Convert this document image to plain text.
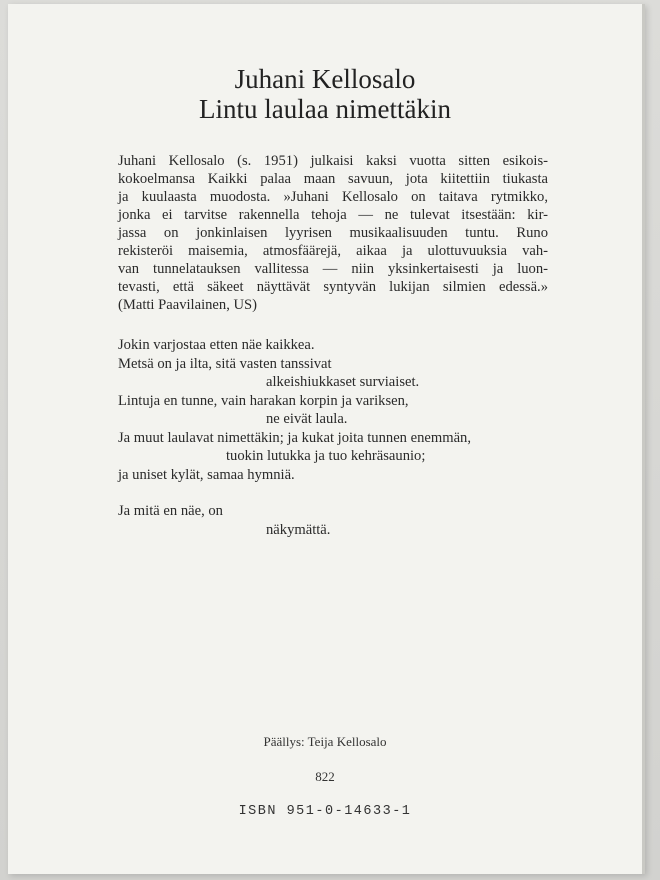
Juhani Kellosalo
Lintu laulaa nimettäkin
Juhani Kellosalo (s. 1951) julkaisi kaksi vuotta sitten esikois-
kokoelmansa Kaikki palaa maan savuun, jota kiitettiin tiukasta
ja kuulaasta muodosta. »Juhani Kellosalo on taitava rytmikko,
jonka ei tarvitse rakennella tehoja — ne tulevat itsestään: kir-
jassa on jonkinlaisen lyyrisen musikaalisuuden tuntu. Runo
rekisteröi maisemia, atmosfäärejä, aikaa ja ulottuvuuksia vah-
van tunnelatauksen vallitessa — niin yksinkertaisesti ja luon-
tevasti, että säkeet näyttävät syntyvän lukijan silmien edessä.»
(Matti Paavilainen, US)
Jokin varjostaa etten näe kaikkea.
Metsä on ja ilta, sitä vasten tanssivat
alkeishiukkaset surviaiset.
Lintuja en tunne, vain harakan korpin ja variksen,
ne eivät laula.
Ja muut laulavat nimettäkin; ja kukat joita tunnen enemmän,
tuokin lutukka ja tuo kehräsaunio;
ja uniset kylät, samaa hymniä.
Ja mitä en näe, on
näkymättä.
Päällys: Teija Kellosalo
822
ISBN 951-0-14633-1
